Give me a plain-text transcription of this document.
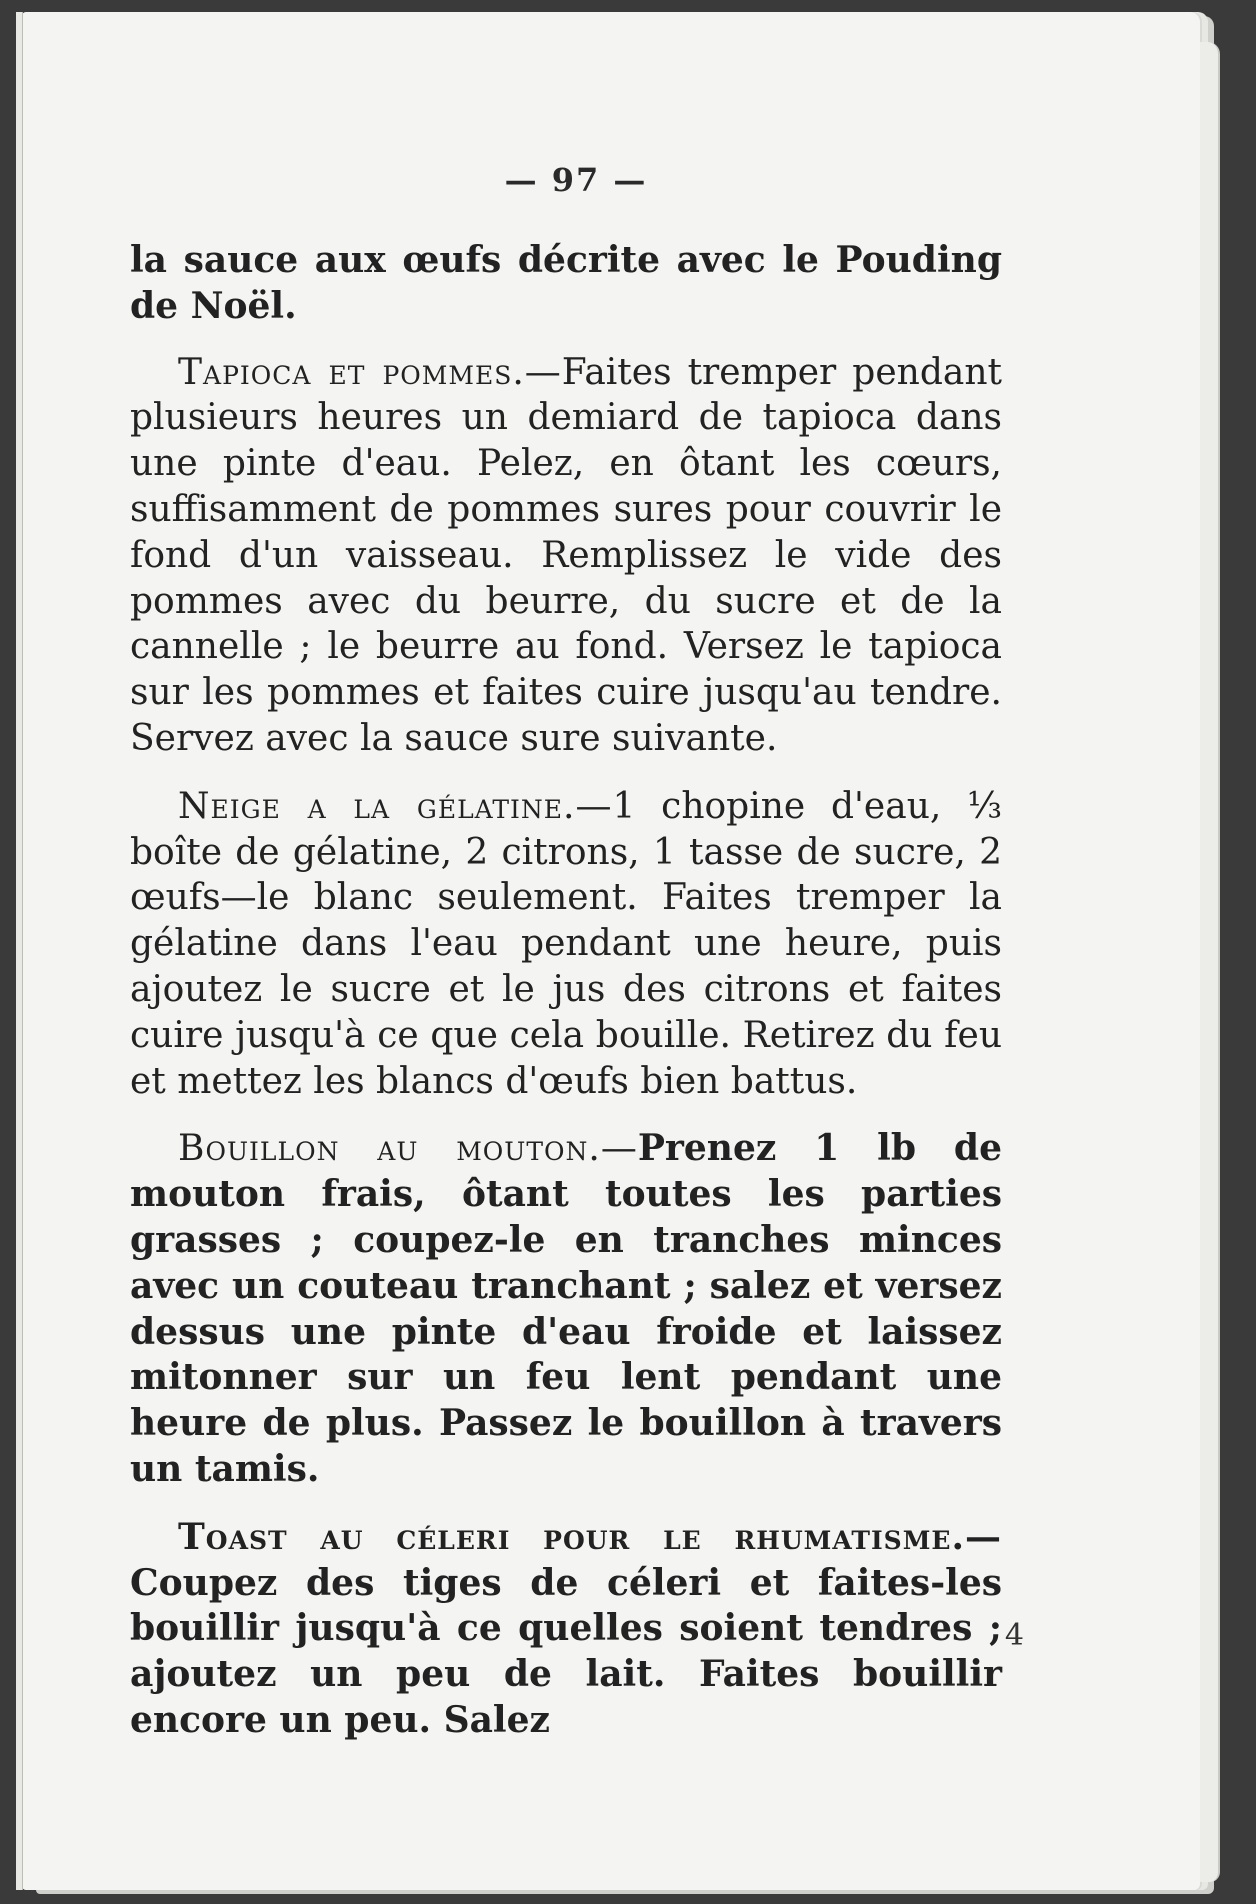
— 97 —

la sauce aux œufs décrite avec le Pouding de Noël.

Tapioca et pommes.—Faites tremper pendant plusieurs heures un demiard de tapioca dans une pinte d'eau. Pelez, en ôtant les cœurs, suffisamment de pommes sures pour couvrir le fond d'un vaisseau. Remplissez le vide des pommes avec du beurre, du sucre et de la cannelle ; le beurre au fond. Versez le tapioca sur les pommes et faites cuire jusqu'au tendre. Servez avec la sauce sure suivante.

Neige a la gélatine.—1 chopine d'eau, ⅓ boîte de gélatine, 2 citrons, 1 tasse de sucre, 2 œufs—le blanc seulement. Faites tremper la gélatine dans l'eau pendant une heure, puis ajoutez le sucre et le jus des citrons et faites cuire jusqu'à ce que cela bouille. Retirez du feu et mettez les blancs d'œufs bien battus.

Bouillon au mouton.—Prenez 1 lb de mouton frais, ôtant toutes les parties grasses ; coupez-le en tranches minces avec un couteau tranchant ; salez et versez dessus une pinte d'eau froide et laissez mitonner sur un feu lent pendant une heure de plus. Passez le bouillon à travers un tamis.

Toast au céleri pour le rhumatisme.—Coupez des tiges de céleri et faites-les bouillir jusqu'à ce quelles soient tendres ; ajoutez un peu de lait. Faites bouillir encore un peu. Salez

4
